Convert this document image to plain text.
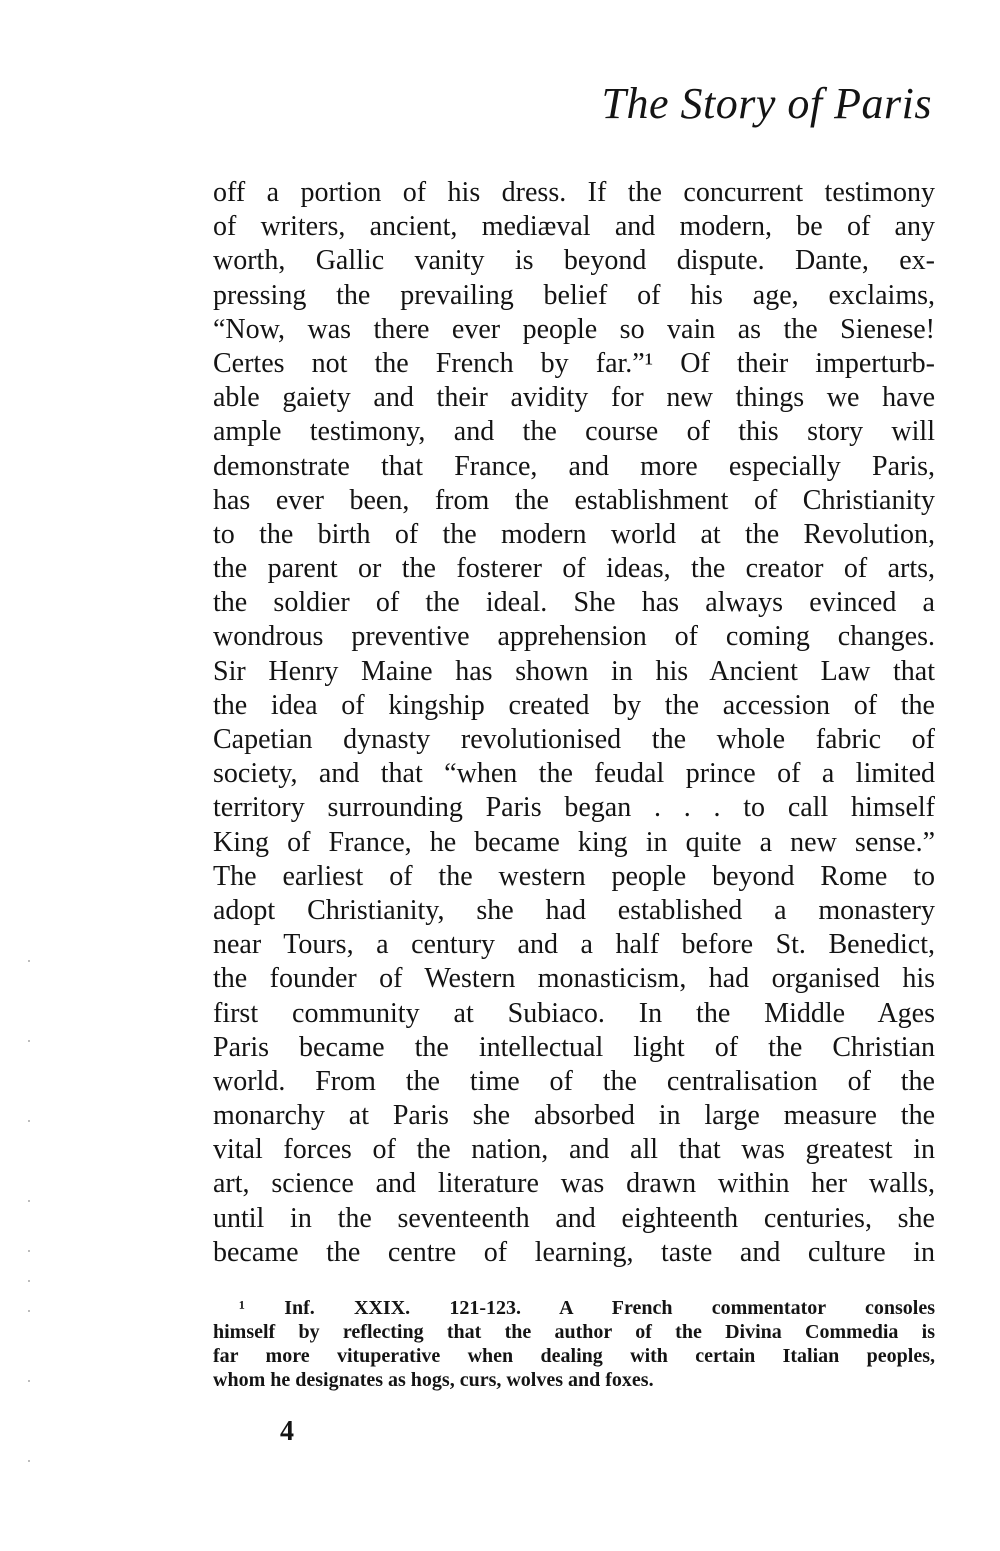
The Story of Paris
off a portion of his dress. If the concurrent testimony
of writers, ancient, mediæval and modern, be of any
worth, Gallic vanity is beyond dispute. Dante, ex-
pressing the prevailing belief of his age, exclaims,
“Now, was there ever people so vain as the Sienese!
Certes not the French by far.”¹ Of their imperturb-
able gaiety and their avidity for new things we have
ample testimony, and the course of this story will
demonstrate that France, and more especially Paris,
has ever been, from the establishment of Christianity
to the birth of the modern world at the Revolution,
the parent or the fosterer of ideas, the creator of arts,
the soldier of the ideal. She has always evinced a
wondrous preventive apprehension of coming changes.
Sir Henry Maine has shown in his Ancient Law that
the idea of kingship created by the accession of the
Capetian dynasty revolutionised the whole fabric of
society, and that “when the feudal prince of a limited
territory surrounding Paris began . . . to call himself
King of France, he became king in quite a new sense.”
The earliest of the western people beyond Rome to
adopt Christianity, she had established a monastery
near Tours, a century and a half before St. Benedict,
the founder of Western monasticism, had organised his
first community at Subiaco. In the Middle Ages
Paris became the intellectual light of the Christian
world. From the time of the centralisation of the
monarchy at Paris she absorbed in large measure the
vital forces of the nation, and all that was greatest in
art, science and literature was drawn within her walls,
until in the seventeenth and eighteenth centuries, she
became the centre of learning, taste and culture in
¹ Inf. XXIX. 121-123. A French commentator consoles
himself by reflecting that the author of the Divina Commedia is
far more vituperative when dealing with certain Italian peoples,
whom he designates as hogs, curs, wolves and foxes.
4
